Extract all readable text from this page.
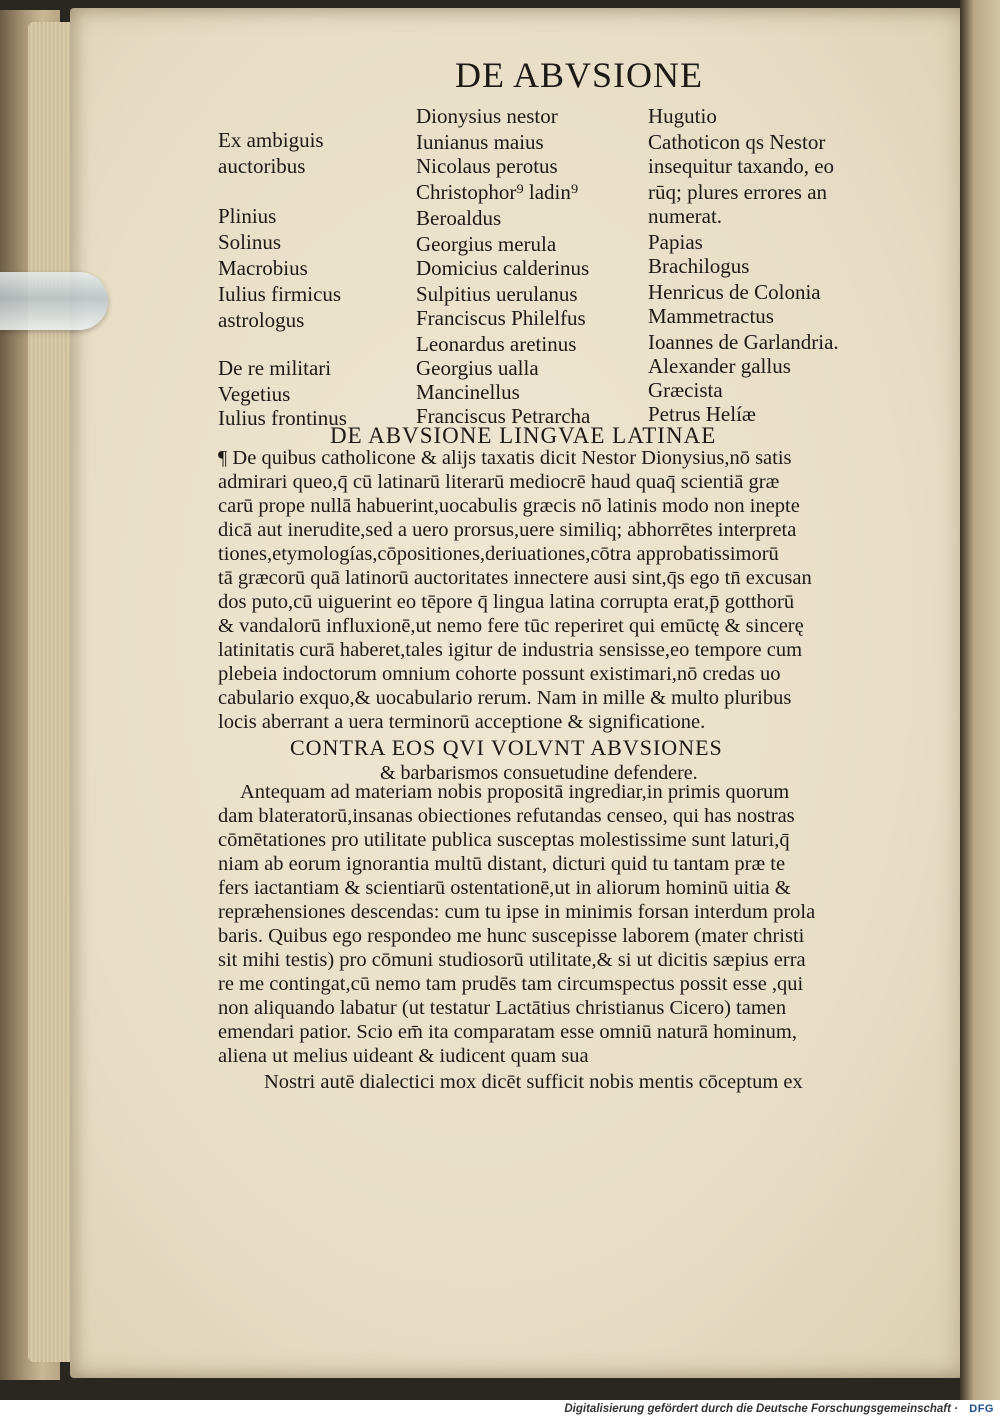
DE ABVSIONE
Ex ambiguis
auctoribus
Plinius
Solinus
Macrobius
Iulius firmicus
astrologus
De re militari
Vegetius
Iulius frontinus
Dionysius nestor
Iunianus maius
Nicolaus perotus
Christophor⁹ ladin⁹
Beroaldus
Georgius merula
Domicius calderinus
Sulpitius uerulanus
Franciscus Philelfus
Leonardus aretinus
Georgius ualla
Mancinellus
Franciscus Petrarcha
Hugutio
Cathoticon qs Nestor
insequitur taxando, eo
rūq; plures errores an
numerat.
Papias
Brachilogus
Henricus de Colonia
Mammetractus
Ioannes de Garlandria.
Alexander gallus
Græcista
Petrus Helíæ
DE ABVSIONE LINGVAE LATINAE
¶ De quibus catholicone & alijs taxatis dicit Nestor Dionysius,nō satis
admirari queo,q̄ cū latinarū literarū mediocrē haud quaq̄ scientiā græ
carū prope nullā habuerint,uocabulis græcis nō latinis modo non inepte
dicā aut inerudite,sed a uero prorsus,uere similiq; abhorrētes interpreta
tiones,etymologías,cōpositiones,deriuationes,cōtra approbatissimorū
tā græcorū quā latinorū auctoritates innectere ausi sint,q̄s ego tn̄ excusan
dos puto,cū uiguerint eo tēpore q̄ lingua latina corrupta erat,p̄ gotthorū
& vandalorū influxionē,ut nemo fere tūc reperiret qui emūctę & sincerę
latinitatis curā haberet,tales igitur de industria sensisse,eo tempore cum
plebeia indoctorum omnium cohorte possunt existimari,nō credas uo
cabulario exquo,& uocabulario rerum. Nam in mille & multo pluribus
locis aberrant a uera terminorū acceptione & significatione.
CONTRA EOS QVI VOLVNT ABVSIONES
& barbarismos consuetudine defendere.
Antequam ad materiam nobis propositā ingrediar,in primis quorum
dam blateratorū,insanas obiectiones refutandas censeo, qui has nostras
cōmētationes pro utilitate publica susceptas molestissime sunt laturi,q̄
niam ab eorum ignorantia multū distant, dicturi quid tu tantam præ te
fers iactantiam & scientiarū ostentationē,ut in aliorum hominū uitia &
repræhensiones descendas: cum tu ipse in minimis forsan interdum prola
baris. Quibus ego respondeo me hunc suscepisse laborem (mater christi
sit mihi testis) pro cōmuni studiosorū utilitate,& si ut dicitis sæpius erra
re me contingat,cū nemo tam prudēs tam circumspectus possit esse ,qui
non aliquando labatur (ut testatur Lactātius christianus Cicero) tamen
emendari patior. Scio em̄ ita comparatam esse omniū naturā hominum,
aliena ut melius uideant & iudicent quam sua
Nostri autē dialectici mox dicēt sufficit nobis mentis cōceptum ex
Digitalisierung gefördert durch die Deutsche Forschungsgemeinschaft · DFG
